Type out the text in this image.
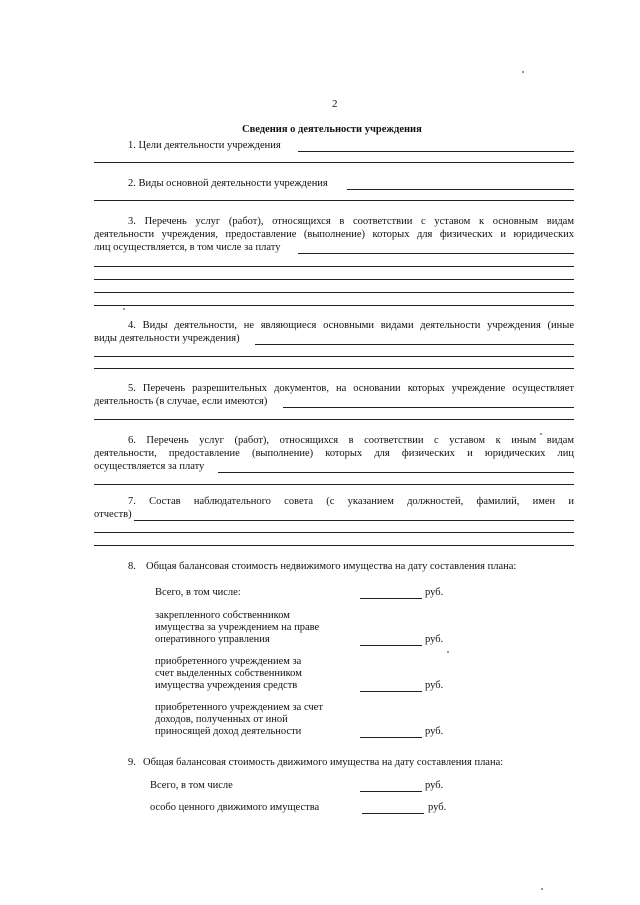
2
Сведения о деятельности учреждения
1. Цели деятельности учреждения
2. Виды основной деятельности учреждения
3. Перечень услуг (работ), относящихся в соответствии с уставом к основным видам
деятельности учреждения, предоставление (выполнение) которых для физических и юридических
лиц осуществляется, в том числе за плату
4. Виды деятельности, не являющиеся основными видами деятельности учреждения (иные
виды деятельности учреждения)
5. Перечень разрешительных документов, на основании которых учреждение осуществляет
деятельность (в случае, если имеются)
6. Перечень услуг (работ), относящихся в соответствии с уставом к иным видам
деятельности, предоставление (выполнение) которых для физических и юридических лиц
осуществляется за плату
7. Состав наблюдательного совета (с указанием должностей, фамилий, имен и
отчеств)
8. Общая балансовая стоимость недвижимого имущества на дату составления плана:
Всего, в том числе:	руб.
закрепленного собственником
имущества за учреждением на праве
оперативного управления	руб.
приобретенного учреждением за
счет выделенных собственником
имущества учреждения средств	руб.
приобретенного учреждением за счет
доходов, полученных от иной
приносящей доход деятельности	руб.
9. Общая балансовая стоимость движимого имущества на дату составления плана:
Всего, в том числе	руб.
особо ценного движимого имущества	руб.
